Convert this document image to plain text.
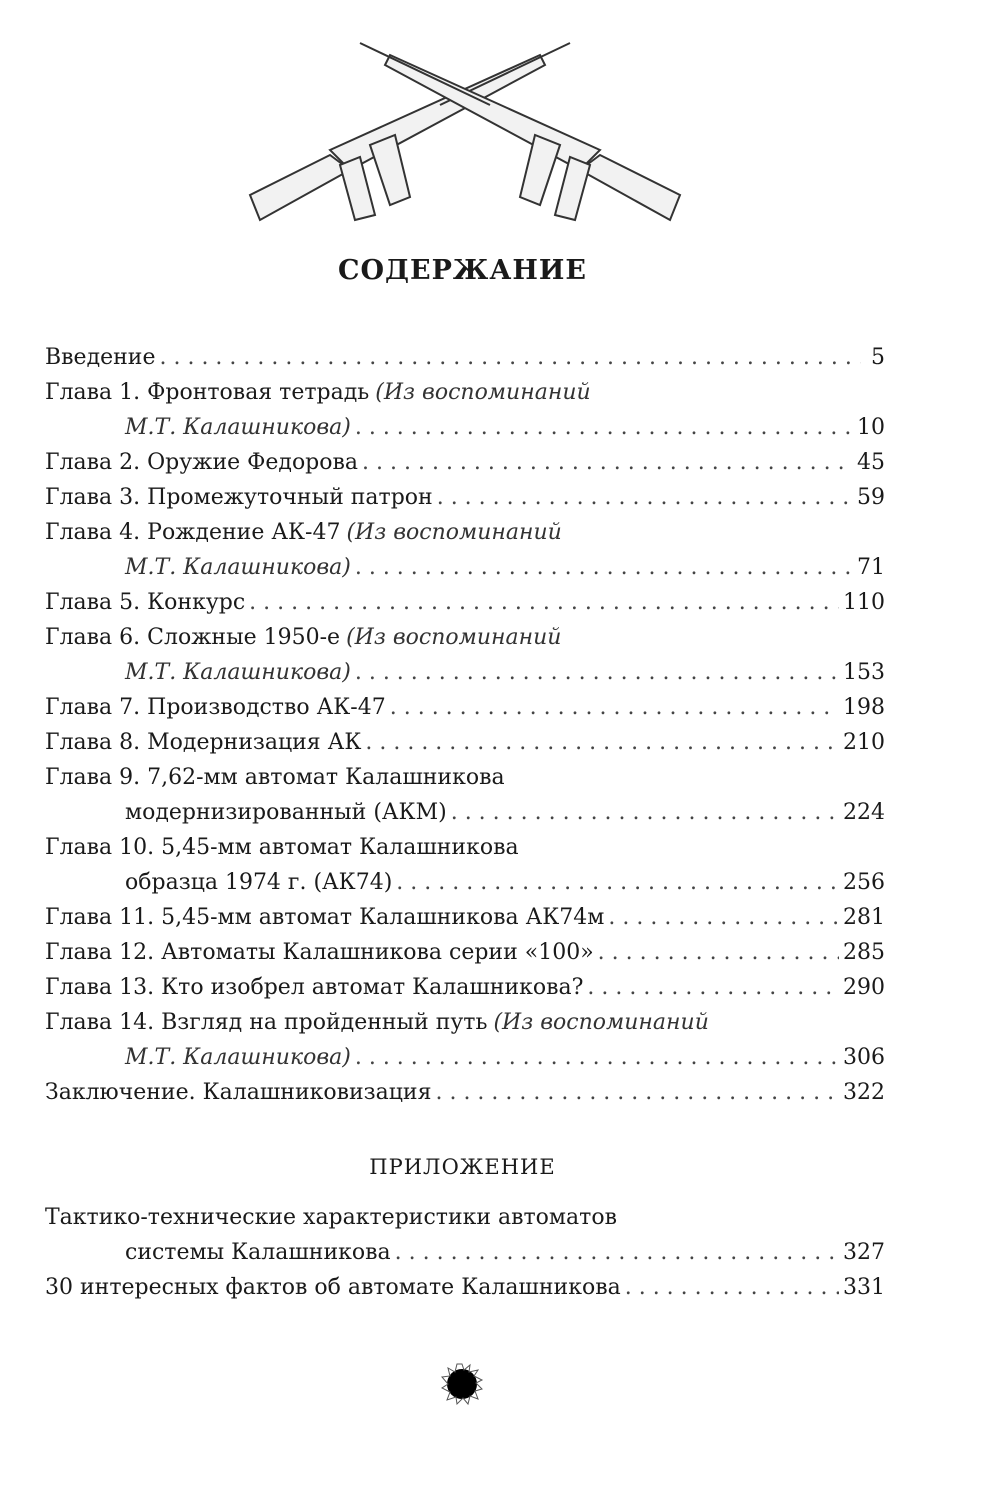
СОДЕРЖАНИЕ
Введение . . .	5
Глава 1. Фронтовая тетрадь (Из воспоминаний
М.Т. Калашникова) . . .	10
Глава 2. Оружие Федорова . . .	45
Глава 3. Промежуточный патрон . . .	59
Глава 4. Рождение АК-47 (Из воспоминаний
М.Т. Калашникова) . . .	71
Глава 5. Конкурс . . .	110
Глава 6. Сложные 1950-е (Из воспоминаний
М.Т. Калашникова) . . .	153
Глава 7. Производство АК-47 . . .	198
Глава 8. Модернизация АК . . .	210
Глава 9. 7,62-мм автомат Калашникова
модернизированный (АКМ) . . .	224
Глава 10. 5,45-мм автомат Калашникова
образца 1974 г. (АК74) . . .	256
Глава 11. 5,45-мм автомат Калашникова АК74м . . .	281
Глава 12. Автоматы Калашникова серии «100» . . .	285
Глава 13. Кто изобрел автомат Калашникова? . . .	290
Глава 14. Взгляд на пройденный путь (Из воспоминаний
М.Т. Калашникова) . . .	306
Заключение. Калашниковизация . . .	322
ПРИЛОЖЕНИЕ
Тактико-технические характеристики автоматов
системы Калашникова . . .	327
30 интересных фактов об автомате Калашникова . . .	331
